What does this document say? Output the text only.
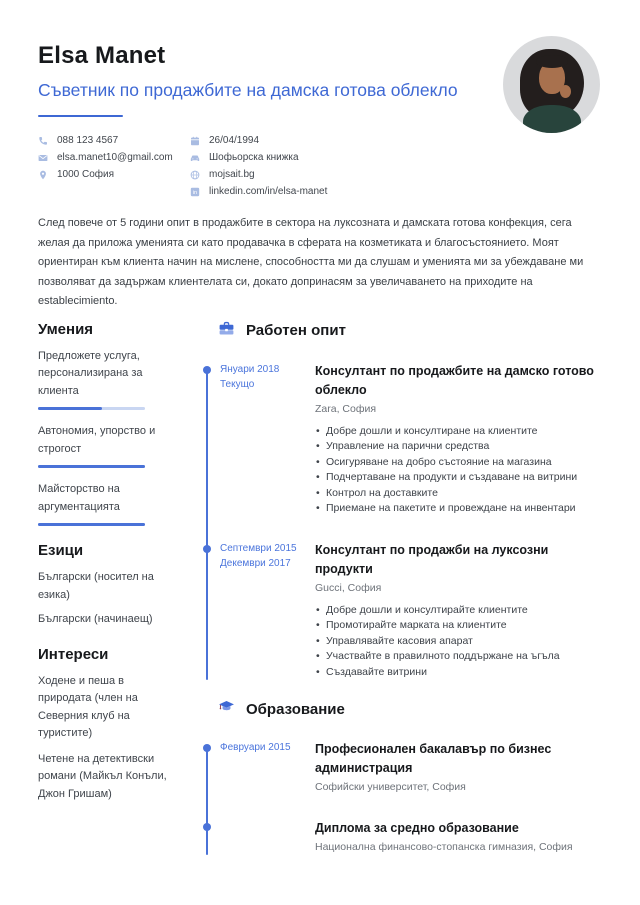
Elsa Manet
Съветник по продажбите на дамска готова облекло
088 123 4567
elsa.manet10@gmail.com
1000 София
26/04/1994
Шофьорска книжка
mojsait.bg
in linkedin.com/in/elsa-manet

След повече от 5 години опит в продажбите в сектора на луксозната и дамската готова конфекция, сега желая да приложа уменията си като продавачка в сферата на козметиката и благосъстоянието. Моят ориентиран към клиента начин на мислене, способността ми да слушам и уменията ми за убеждаване ми позволяват да задържам клиентелата си, докато допринасям за увеличаването на приходите на establecimiento.

Умения
Предложете услуга, персонализирана за клиента
Автономия, упорство и строгост
Майсторство на аргументацията
Езици
Български (носител на езика)
Български (начинаещ)
Интереси
Ходене и пеша в природата (член на Северния клуб на туристите)
Четене на детективски романи (Майкъл Конъли, Джон Гришам)
Работен опит
Януари 2018
Текущо
Консултант по продажбите на дамско готово облекло
Zara, София
• Добре дошли и консултиране на клиентите
• Управление на парични средства
• Осигуряване на добро състояние на магазина
• Подчертаване на продукти и създаване на витрини
• Контрол на доставките
• Приемане на пакетите и провеждане на инвентари
Септември 2015
Декември 2017
Консултант по продажби на луксозни продукти
Gucci, София
• Добре дошли и консултирайте клиентите
• Промотирайте марката на клиентите
• Управлявайте касовия апарат
• Участвайте в правилното поддържане на ъгъла
• Създавайте витрини
Образование
Февруари 2015	Професионален бакалавър по бизнес администрация
Софийски университет, София
Диплома за средно образование
Национална финансово-стопанска гимназия, София
